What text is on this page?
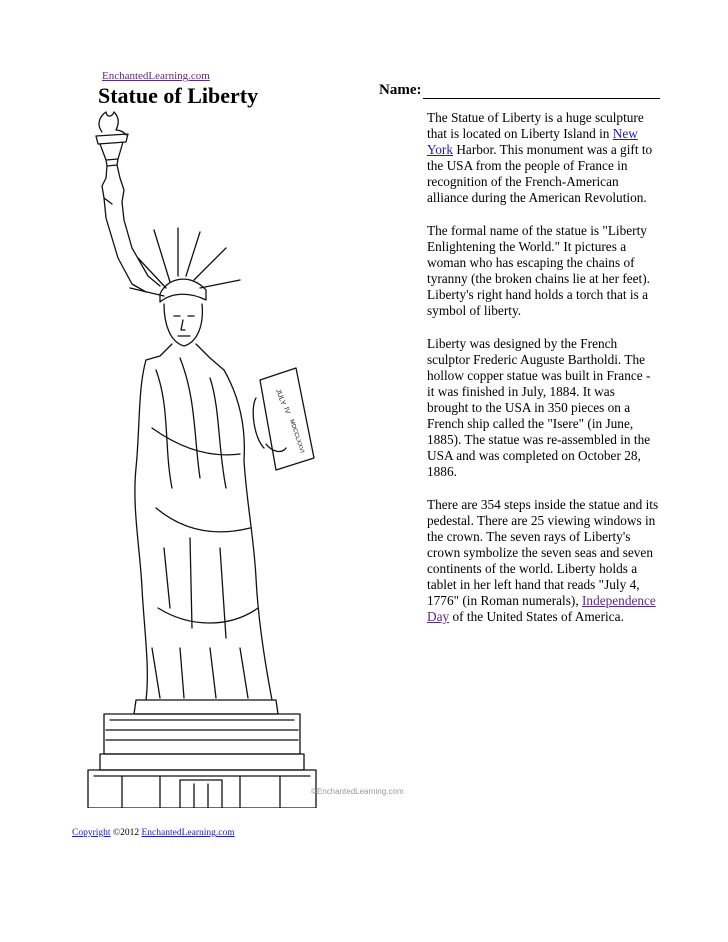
EnchantedLearning.com
Statue of Liberty	Name:

The Statue of Liberty is a huge sculpture that is located on Liberty Island in New York Harbor. This monument was a gift to the USA from the people of France in recognition of the French-American alliance during the American Revolution.

The formal name of the statue is "Liberty Enlightening the World." It pictures a woman who has escaping the chains of tyranny (the broken chains lie at her feet). Liberty's right hand holds a torch that is a symbol of liberty.

Liberty was designed by the French sculptor Frederic Auguste Bartholdi. The hollow copper statue was built in France - it was finished in July, 1884. It was brought to the USA in 350 pieces on a French ship called the "Isere" (in June, 1885). The statue was re-assembled in the USA and was completed on October 28, 1886.

There are 354 steps inside the statue and its pedestal. There are 25 viewing windows in the crown. The seven rays of Liberty's crown symbolize the seven seas and seven continents of the world. Liberty holds a tablet in her left hand that reads "July 4, 1776" (in Roman numerals), Independence Day of the United States of America.

JULY
IV
MDCCLXXVI
©EnchantedLearning.com
Copyright ©2012 EnchantedLearning.com
